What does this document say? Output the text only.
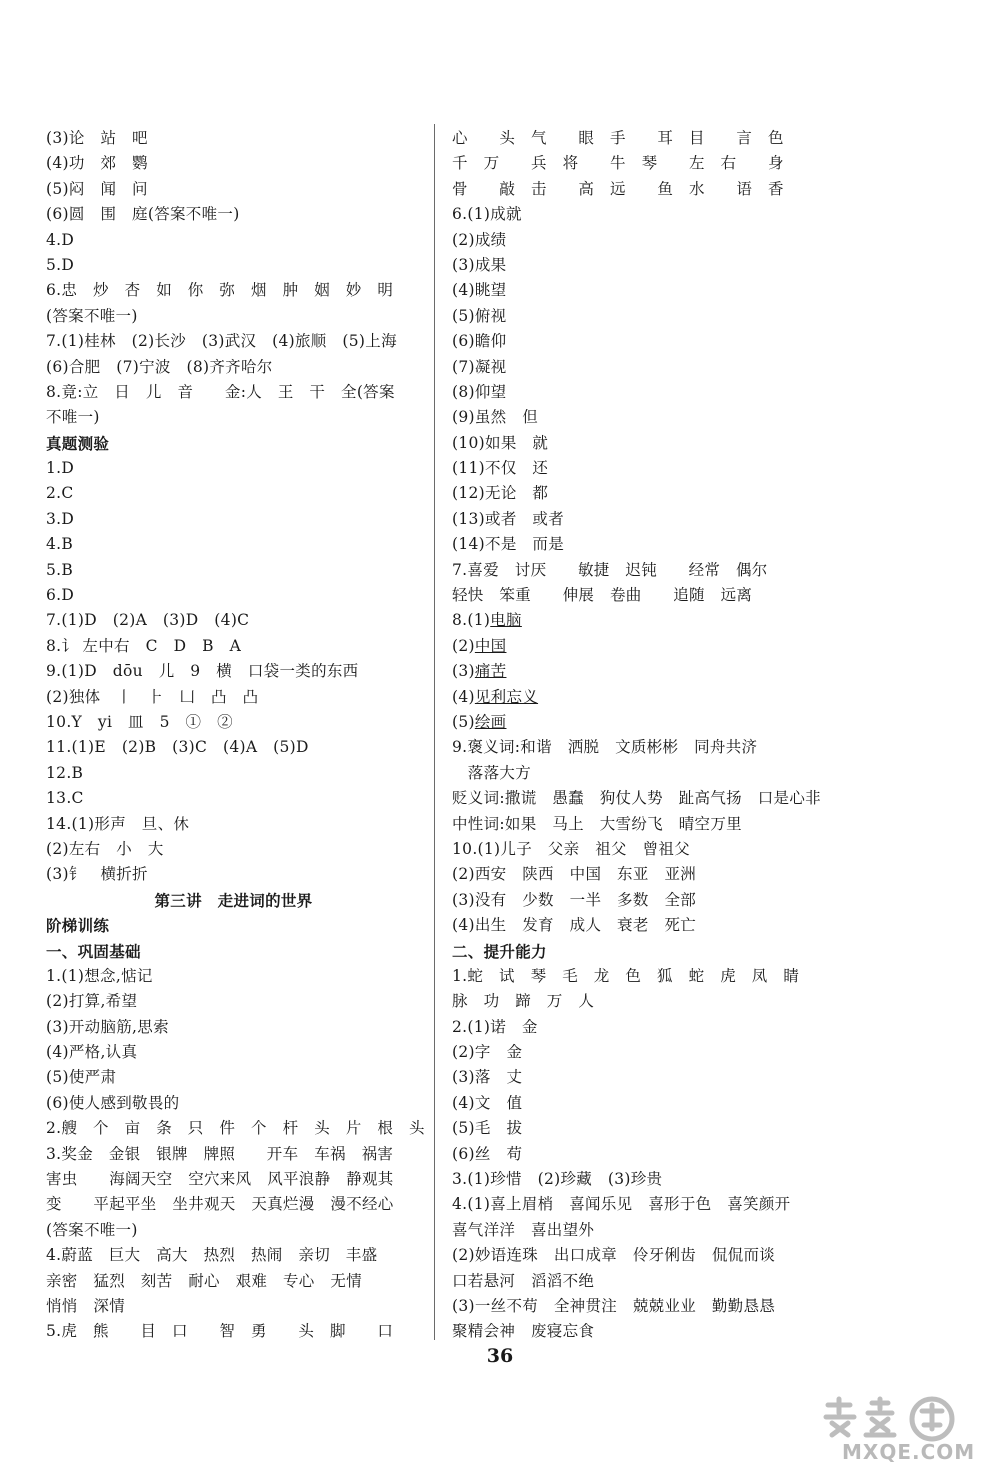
(3)论　站　吧
(4)功　郊　鹦
(5)闷　闻　问
(6)圆　围　庭(答案不唯一)
4.D
5.D
6.忠　炒　杏　如　你　弥　烟　肿　姻　妙　明
(答案不唯一)
7.(1)桂林　(2)长沙　(3)武汉　(4)旅顺　(5)上海
(6)合肥　(7)宁波　(8)齐齐哈尔
8.竟:立　日　儿　音　　金:人　王　干　全(答案
不唯一)
真题测验
1.D
2.C
3.D
4.B
5.B
6.D
7.(1)D　(2)A　(3)D　(4)C
8.讠 左中右　C　D　B　A
9.(1)D　dōu　儿　9　横　口袋一类的东西
(2)独体　丨　⺊　凵　凸　凸
10.Y　yi　皿　5　①　②
11.(1)E　(2)B　(3)C　(4)A　(5)D
12.B
13.C
14.(1)形声　旦、休
(2)左右　小　大
(3)钅　横折折
第三讲　走进词的世界
阶梯训练
一、巩固基础
1.(1)想念,惦记
(2)打算,希望
(3)开动脑筋,思索
(4)严格,认真
(5)使严肃
(6)使人感到敬畏的
2.艘　个　亩　条　只　件　个　杆　头　片　根　头
3.奖金　金银　银牌　牌照　　开车　车祸　祸害
害虫　　海阔天空　空穴来风　风平浪静　静观其
变　　平起平坐　坐井观天　天真烂漫　漫不经心
(答案不唯一)
4.蔚蓝　巨大　高大　热烈　热闹　亲切　丰盛
亲密　猛烈　刻苦　耐心　艰难　专心　无情
悄悄　深情
5.虎　熊　　目　口　　智　勇　　头　脚　　口
心　　头　气　　眼　手　　耳　目　　言　色
千　万　　兵　将　　牛　琴　　左　右　　身
骨　　敲　击　　高　远　　鱼　水　　语　香
6.(1)成就
(2)成绩
(3)成果
(4)眺望
(5)俯视
(6)瞻仰
(7)凝视
(8)仰望
(9)虽然　但
(10)如果　就
(11)不仅　还
(12)无论　都
(13)或者　或者
(14)不是　而是
7.喜爱　讨厌　　敏捷　迟钝　　经常　偶尔
轻快　笨重　　伸展　卷曲　　追随　远离
8.(1)电脑
(2)中国
(3)痛苦
(4)见利忘义
(5)绘画
9.褒义词:和谐　洒脱　文质彬彬　同舟共济
　落落大方
贬义词:撒谎　愚蠢　狗仗人势　趾高气扬　口是心非
中性词:如果　马上　大雪纷飞　晴空万里
10.(1)儿子　父亲　祖父　曾祖父
(2)西安　陕西　中国　东亚　亚洲
(3)没有　少数　一半　多数　全部
(4)出生　发育　成人　衰老　死亡
二、提升能力
1.蛇　试　琴　毛　龙　色　狐　蛇　虎　凤　睛
脉　功　蹄　万　人
2.(1)诺　金
(2)字　金
(3)落　丈
(4)文　值
(5)毛　拔
(6)丝　苟
3.(1)珍惜　(2)珍藏　(3)珍贵
4.(1)喜上眉梢　喜闻乐见　喜形于色　喜笑颜开
喜气洋洋　喜出望外
(2)妙语连珠　出口成章　伶牙俐齿　侃侃而谈
口若悬河　滔滔不绝
(3)一丝不苟　全神贯注　兢兢业业　勤勤恳恳
聚精会神　废寝忘食
36
MXQE.COM
